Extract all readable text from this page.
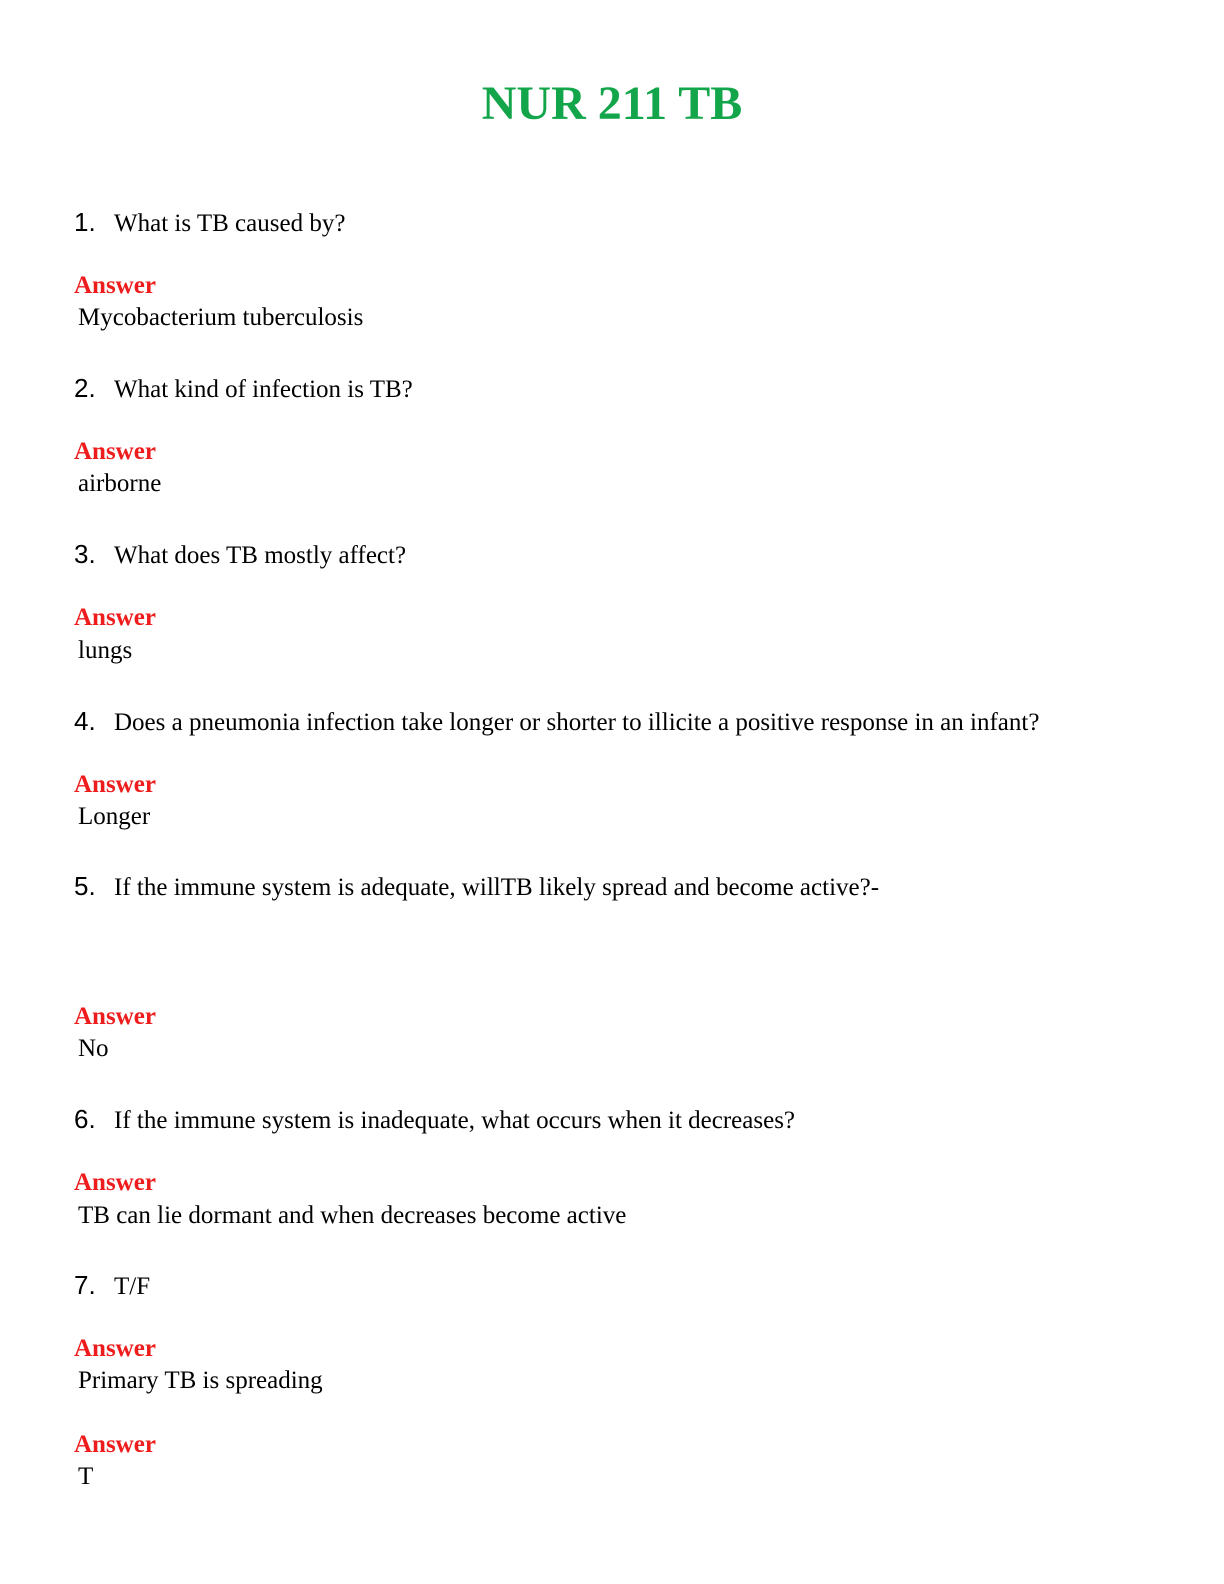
NUR 211 TB
1. What is TB caused by?
Answer
Mycobacterium tuberculosis
2. What kind of infection is TB?
Answer
airborne
3. What does TB mostly affect?
Answer
lungs
4. Does a pneumonia infection take longer or shorter to illicite a positive response in an infant?
Answer
Longer
5. If the immune system is adequate, willTB likely spread and become active?-
Answer
No
6. If the immune system is inadequate, what occurs when it decreases?
Answer
TB can lie dormant and when decreases become active
7. T/F
Answer
Primary TB is spreading
Answer
T
